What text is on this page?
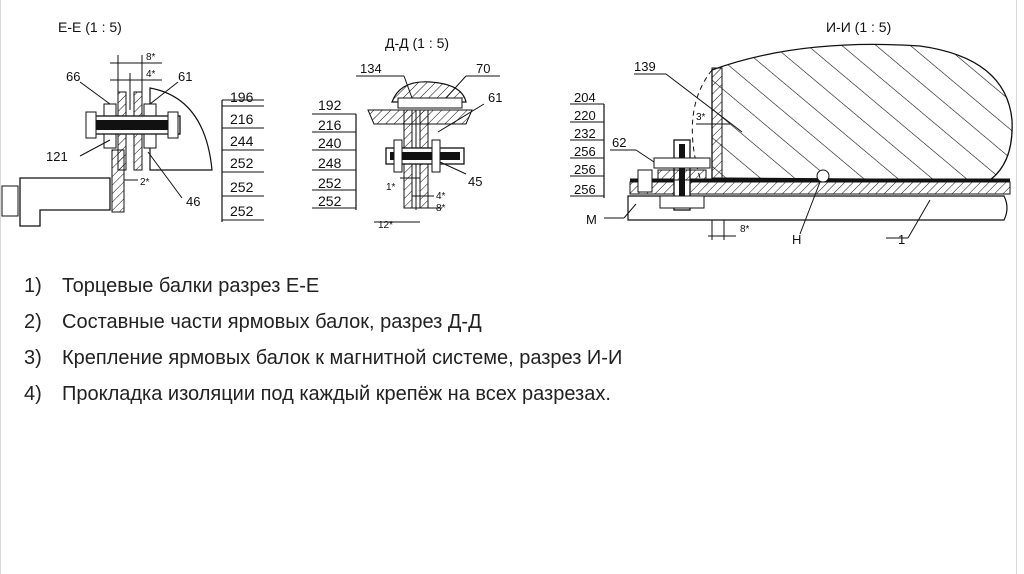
Е-Е (1 : 5)
8*
4*
2*
66	61
121
46
196
216
244
252
252
252
Д-Д (1 : 5)
1*
4*
8*
12*
134	70
61
45
192
216
240
248
252
252
И-И (1 : 5)
3*
8*
139
62
М
Н	1
204
220
232
256
256
256
1) Торцевые балки разрез Е-Е
2) Составные части ярмовых балок, разрез Д-Д
3) Крепление ярмовых балок к магнитной системе, разрез И-И
4) Прокладка изоляции под каждый крепёж на всех разрезах.
